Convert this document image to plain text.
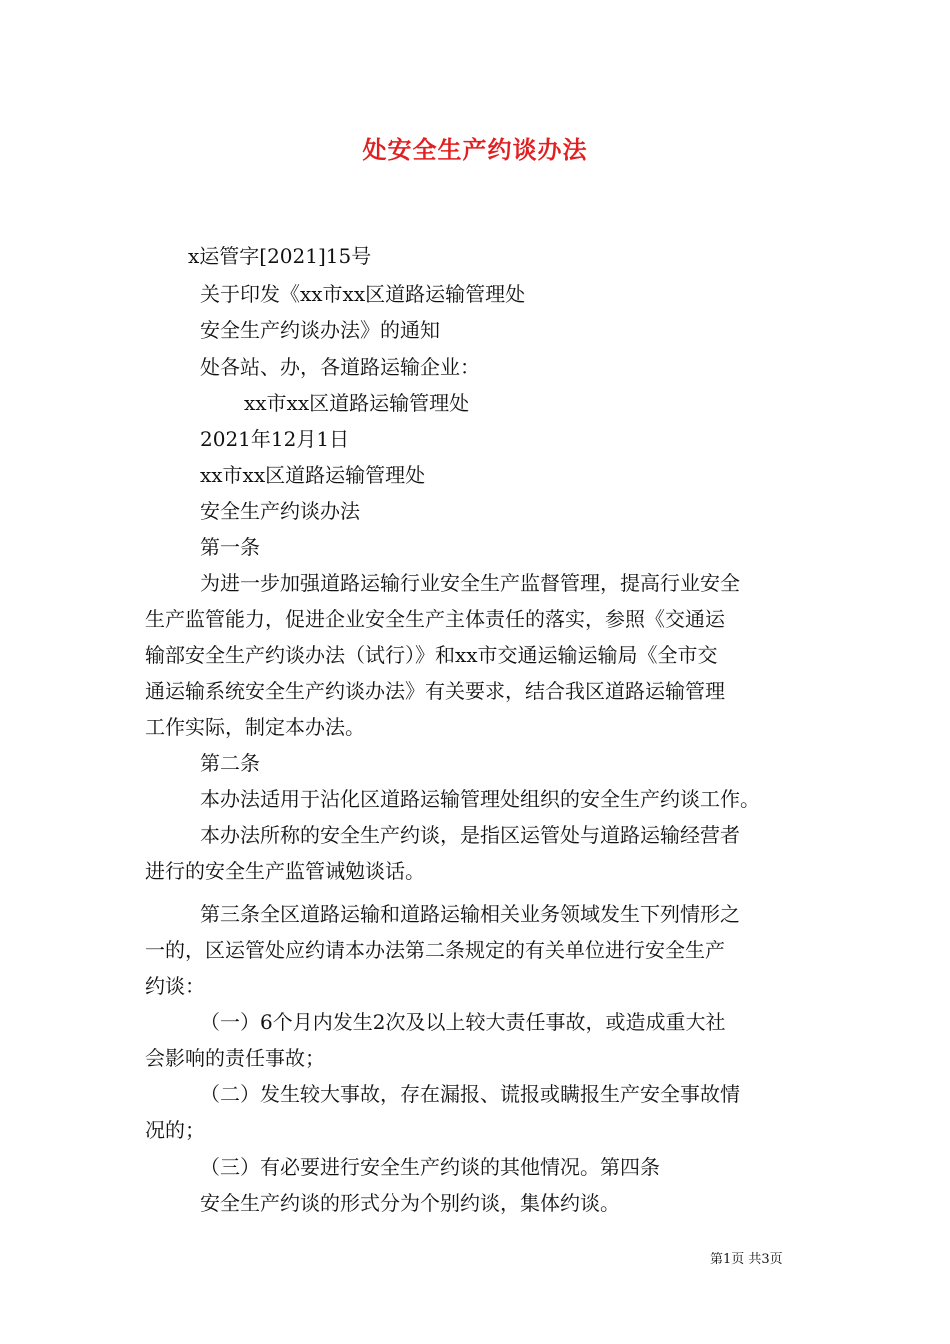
处安全生产约谈办法
x运管字[2021]15号
关于印发《xx市xx区道路运输管理处
安全生产约谈办法》的通知
处各站、办，各道路运输企业：
xx市xx区道路运输管理处
2021年12月1日
xx市xx区道路运输管理处
安全生产约谈办法
第一条
为进一步加强道路运输行业安全生产监督管理，提高行业安全
生产监管能力，促进企业安全生产主体责任的落实，参照《交通运
输部安全生产约谈办法（试行）》和xx市交通运输运输局《全市交
通运输系统安全生产约谈办法》有关要求，结合我区道路运输管理
工作实际，制定本办法。
第二条
本办法适用于沾化区道路运输管理处组织的安全生产约谈工作。
本办法所称的安全生产约谈，是指区运管处与道路运输经营者
进行的安全生产监管诫勉谈话。
第三条全区道路运输和道路运输相关业务领域发生下列情形之
一的，区运管处应约请本办法第二条规定的有关单位进行安全生产
约谈：
（一）6个月内发生2次及以上较大责任事故，或造成重大社
会影响的责任事故；
（二）发生较大事故，存在漏报、谎报或瞒报生产安全事故情
况的；
（三）有必要进行安全生产约谈的其他情况。第四条
安全生产约谈的形式分为个别约谈，集体约谈。
第1页 共3页
